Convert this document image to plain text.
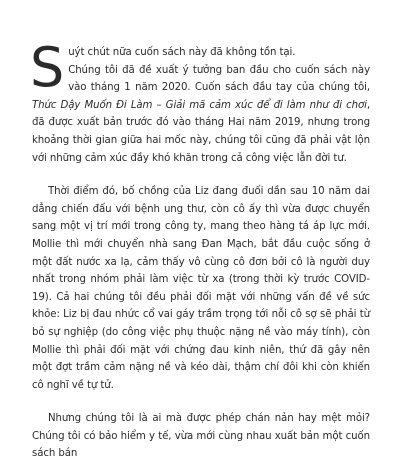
S uýt chút nữa cuốn sách này đã không tồn tại.
Chúng tôi đã đề xuất ý tưởng ban đầu cho cuốn sách này vào tháng 1 năm 2020. Cuốn sách đầu tay của chúng tôi, Thức Dậy Muốn Đi Làm – Giải mã cảm xúc để đi làm như đi chơi, đã được xuất bản trước đó vào tháng Hai năm 2019, nhưng trong khoảng thời gian giữa hai mốc này, chúng tôi cũng đã phải vật lộn với những cảm xúc đầy khó khăn trong cả công việc lẫn đời tư.

Thời điểm đó, bố chồng của Liz đang đuối dần sau 10 năm dai dẳng chiến đấu với bệnh ung thư, còn cô ấy thì vừa được chuyển sang một vị trí mới trong công ty, mang theo hàng tá áp lực mới. Mollie thì mới chuyển nhà sang Đan Mạch, bắt đầu cuộc sống ở một đất nước xa lạ, cảm thấy vô cùng cô đơn bởi cô là người duy nhất trong nhóm phải làm việc từ xa (trong thời kỳ trước COVID-19). Cả hai chúng tôi đều phải đối mặt với những vấn đề về sức khỏe: Liz bị đau nhức cổ vai gáy trầm trọng tới nỗi cô sợ sẽ phải từ bỏ sự nghiệp (do công việc phụ thuộc nặng nề vào máy tính), còn Mollie thì phải đối mặt với chứng đau kinh niên, thứ đã gây nên một đợt trầm cảm nặng nề và kéo dài, thậm chí đôi khi còn khiến cô nghĩ về tự tử.

Nhưng chúng tôi là ai mà được phép chán nản hay mệt mỏi? Chúng tôi có bảo hiểm y tế, vừa mới cùng nhau xuất bản một cuốn sách bán
